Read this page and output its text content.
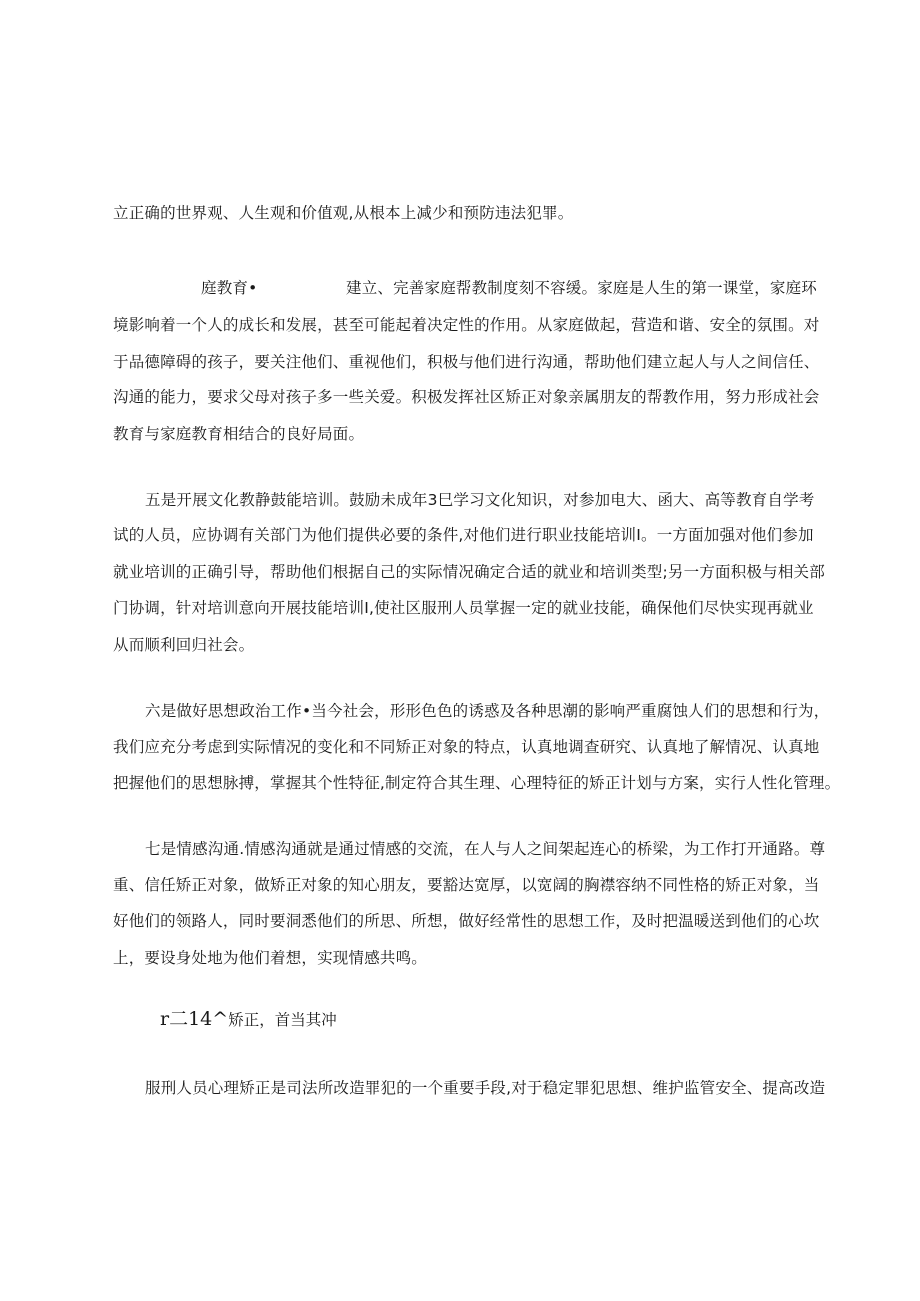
立正确的世界观、人生观和价值观,从根本上减少和预防违法犯罪。
庭教育•	建立、完善家庭帮教制度刻不容缓。家庭是人生的第一课堂，家庭环
境影响着一个人的成长和发展，甚至可能起着决定性的作用。从家庭做起，营造和谐、安全的氛围。对
于品德障碍的孩子，要关注他们、重视他们，积极与他们进行沟通，帮助他们建立起人与人之间信任、
沟通的能力，要求父母对孩子多一些关爱。积极发挥社区矫正对象亲属朋友的帮教作用，努力形成社会
教育与家庭教育相结合的良好局面。
五是开展文化教静鼓能培训。鼓励未成年3巳学习文化知识，对参加电大、函大、高等教育自学考
试的人员，应协调有关部门为他们提供必要的条件,对他们进行职业技能培训I。一方面加强对他们参加
就业培训的正确引导，帮助他们根据自己的实际情况确定合适的就业和培训类型;另一方面积极与相关部
门协调，针对培训意向开展技能培训I,使社区服刑人员掌握一定的就业技能，确保他们尽快实现再就业
从而顺利回归社会。
六是做好思想政治工作•当今社会，形形色色的诱惑及各种思潮的影响严重腐蚀人们的思想和行为，
我们应充分考虑到实际情况的变化和不同矫正对象的特点，认真地调查研究、认真地了解情况、认真地
把握他们的思想脉搏，掌握其个性特征,制定符合其生理、心理特征的矫正计划与方案，实行人性化管理。
七是情感沟通.情感沟通就是通过情感的交流，在人与人之间架起连心的桥梁，为工作打开通路。尊
重、信任矫正对象，做矫正对象的知心朋友，要豁达宽厚，以宽阔的胸襟容纳不同性格的矫正对象，当
好他们的领路人，同时要洞悉他们的所思、所想，做好经常性的思想工作，及时把温暖送到他们的心坎
上，要设身处地为他们着想，实现情感共鸣。
r二14^矫正，首当其冲
服刑人员心理矫正是司法所改造罪犯的一个重要手段,对于稳定罪犯思想、维护监管安全、提高改造
